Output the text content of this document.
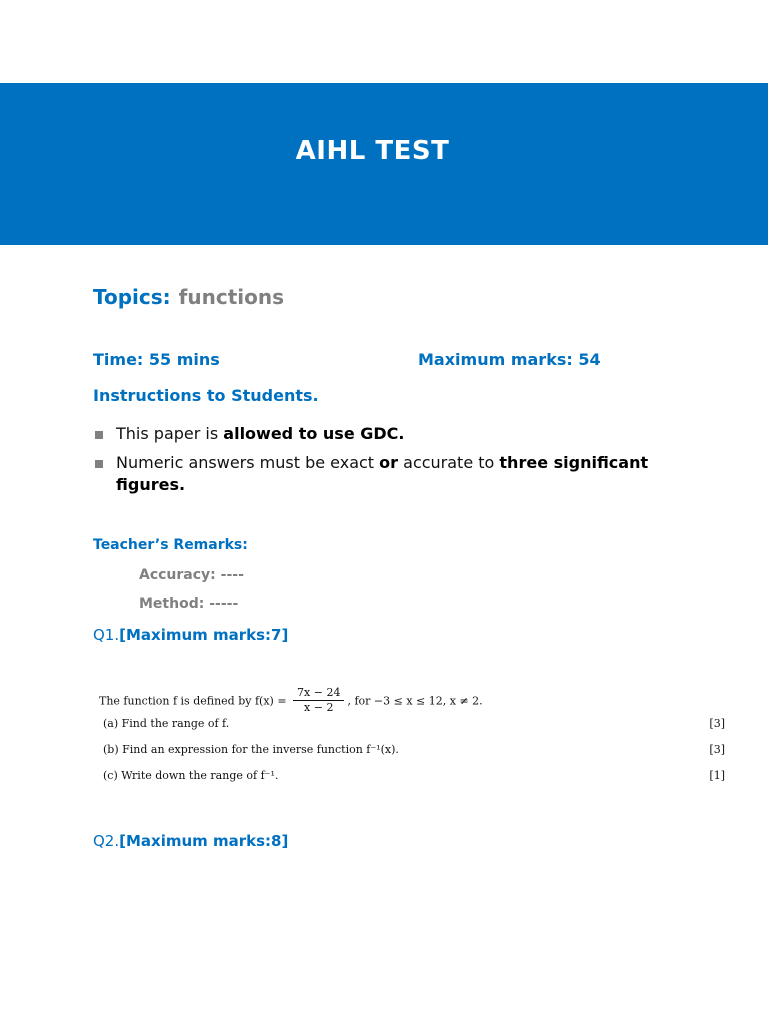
AIHL TEST
Topics: functions
Time: 55 mins	Maximum marks: 54
Instructions to Students.
This paper is allowed to use GDC.
Numeric answers must be exact or accurate to three significant figures.
Teacher’s Remarks:
Accuracy: ----
Method: -----
Q1.[Maximum marks:7]
The function f is defined by $f(x) = \frac{7x - 24}{x - 2}$ , for −3 ≤ x ≤ 12, x ≠ 2.
(a) Find the range of f.	[3]
(b) Find an expression for the inverse function f⁻¹(x).	[3]
(c) Write down the range of f⁻¹.	[1]
Q2.[Maximum marks:8]
